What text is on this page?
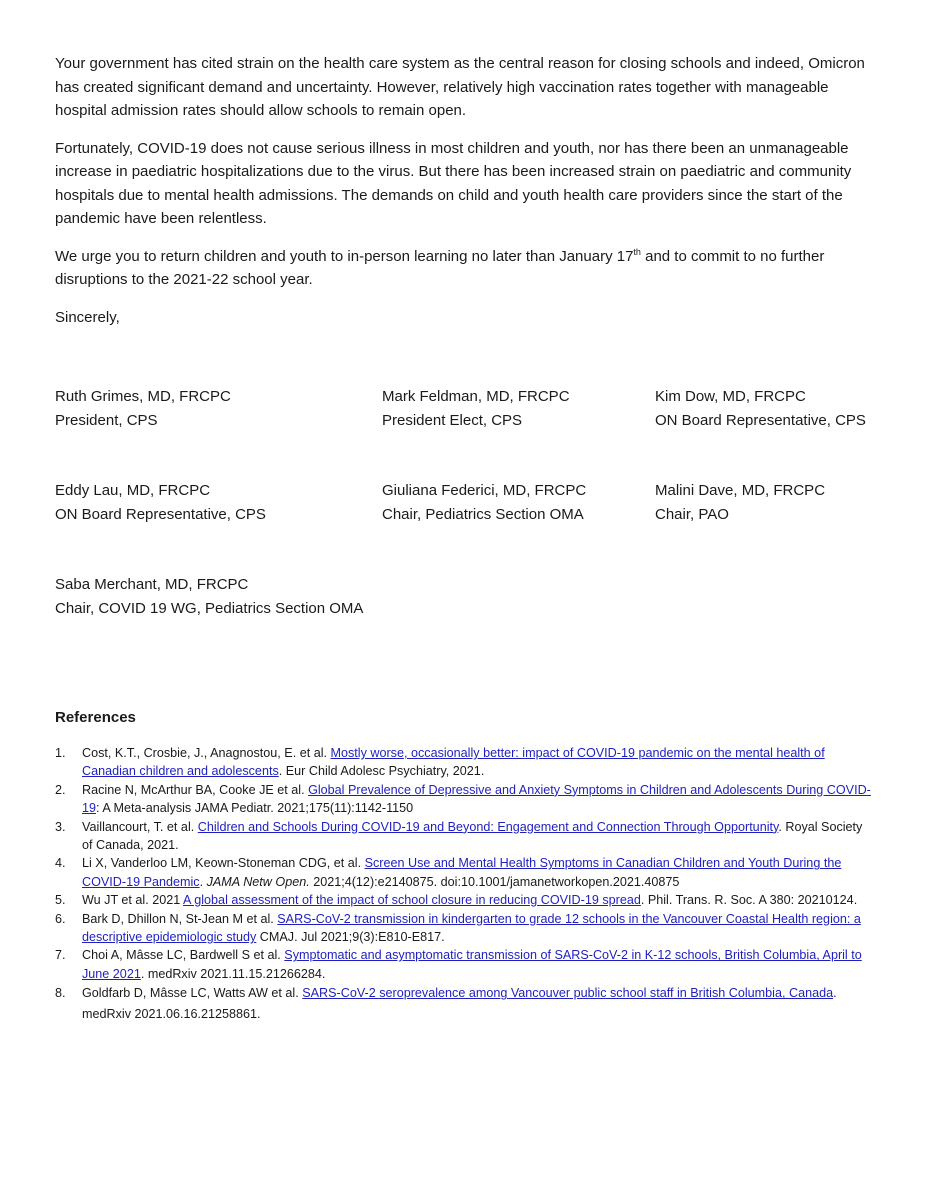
Your government has cited strain on the health care system as the central reason for closing schools and indeed, Omicron has created significant demand and uncertainty. However, relatively high vaccination rates together with manageable hospital admission rates should allow schools to remain open.

Fortunately, COVID-19 does not cause serious illness in most children and youth, nor has there been an unmanageable increase in paediatric hospitalizations due to the virus. But there has been increased strain on paediatric and community hospitals due to mental health admissions. The demands on child and youth health care providers since the start of the pandemic have been relentless.

We urge you to return children and youth to in-person learning no later than January 17th and to commit to no further disruptions to the 2021-22 school year.

Sincerely,

Ruth Grimes, MD, FRCPC
President, CPS
Mark Feldman, MD, FRCPC
President Elect, CPS
Kim Dow, MD, FRCPC
ON Board Representative, CPS
Eddy Lau, MD, FRCPC
ON Board Representative, CPS
Giuliana Federici, MD, FRCPC
Chair, Pediatrics Section OMA
Malini Dave, MD, FRCPC
Chair, PAO
Saba Merchant, MD, FRCPC
Chair, COVID 19 WG, Pediatrics Section OMA
References
1. Cost, K.T., Crosbie, J., Anagnostou, E. et al. Mostly worse, occasionally better: impact of COVID-19 pandemic on the mental health of Canadian children and adolescents. Eur Child Adolesc Psychiatry, 2021.
2. Racine N, McArthur BA, Cooke JE et al. Global Prevalence of Depressive and Anxiety Symptoms in Children and Adolescents During COVID-19: A Meta-analysis JAMA Pediatr. 2021;175(11):1142-1150
3. Vaillancourt, T. et al. Children and Schools During COVID-19 and Beyond: Engagement and Connection Through Opportunity. Royal Society of Canada, 2021.
4. Li X, Vanderloo LM, Keown-Stoneman CDG, et al. Screen Use and Mental Health Symptoms in Canadian Children and Youth During the COVID-19 Pandemic. JAMA Netw Open. 2021;4(12):e2140875. doi:10.1001/jamanetworkopen.2021.40875
5. Wu JT et al. 2021 A global assessment of the impact of school closure in reducing COVID-19 spread. Phil. Trans. R. Soc. A 380: 20210124.
6. Bark D, Dhillon N, St-Jean M et al. SARS-CoV-2 transmission in kindergarten to grade 12 schools in the Vancouver Coastal Health region: a descriptive epidemiologic study CMAJ. Jul 2021;9(3):E810-E817.
7. Choi A, Mâsse LC, Bardwell S et al. Symptomatic and asymptomatic transmission of SARS-CoV-2 in K-12 schools, British Columbia, April to June 2021. medRxiv 2021.11.15.21266284.
8. Goldfarb D, Mâsse LC, Watts AW et al. SARS-CoV-2 seroprevalence among Vancouver public school staff in British Columbia, Canada. medRxiv 2021.06.16.21258861.
